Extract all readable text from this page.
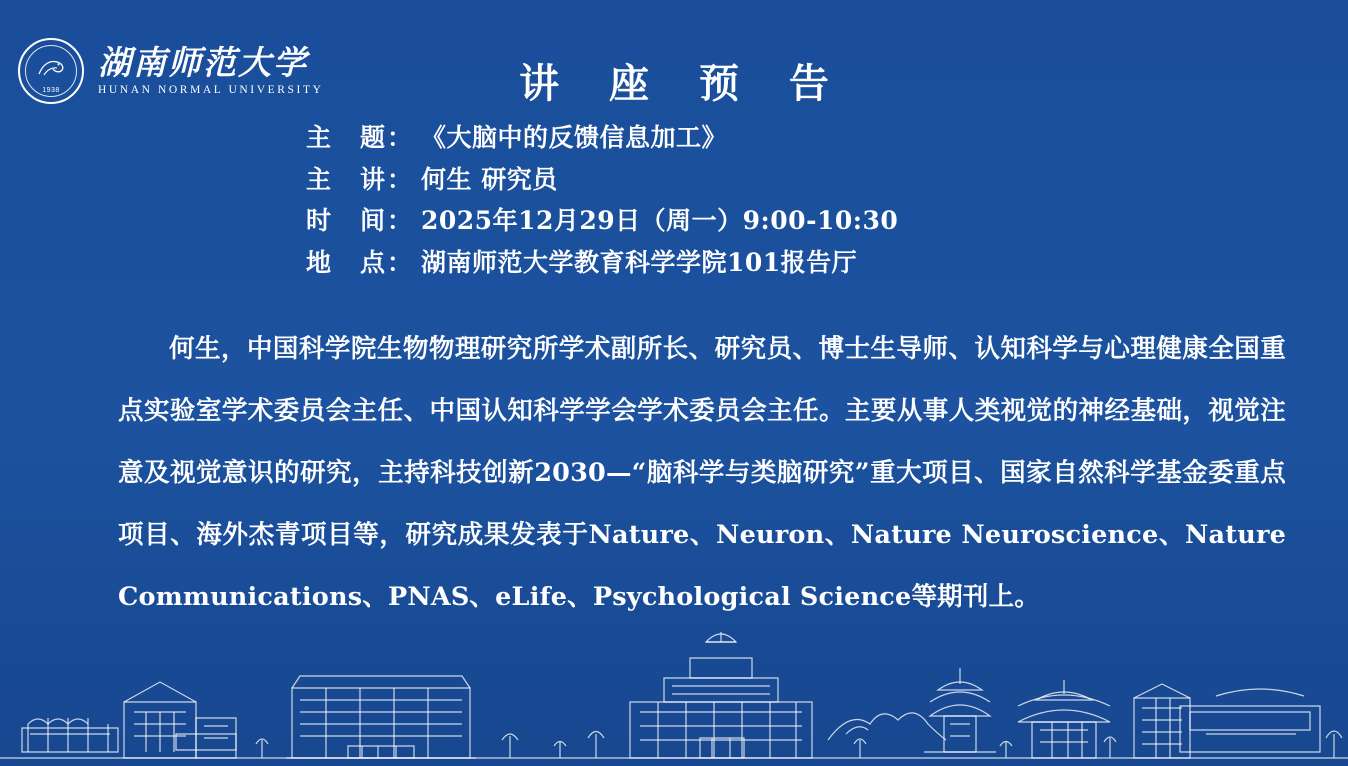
1938
湖南师范大学
HUNAN NORMAL UNIVERSITY	讲 座 预 告
主　题： 《大脑中的反馈信息加工》
主　讲： 何生 研究员
时　间： 2025年12月29日（周一）9:00-10:30
地　点： 湖南师范大学教育科学学院101报告厅
何生，中国科学院生物物理研究所学术副所长、研究员、博士生导师、认知科学与心理健康全国重点实验室学术委员会主任、中国认知科学学会学术委员会主任。主要从事人类视觉的神经基础，视觉注意及视觉意识的研究，主持科技创新2030—“脑科学与类脑研究”重大项目、国家自然科学基金委重点项目、海外杰青项目等，研究成果发表于Nature、Neuron、Nature Neuroscience、Nature Communications、PNAS、eLife、Psychological Science等期刊上。
